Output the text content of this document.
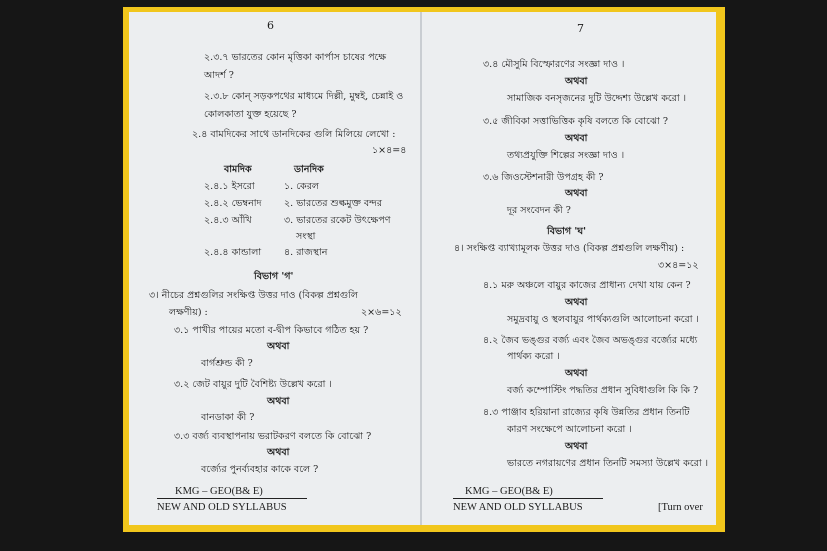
6
২.৩.৭ ভারতের কোন মৃত্তিকা কার্পাস চাষের পক্ষে
আদর্শ ?
২.৩.৮ কোন্ সড়কপথের মাধ্যমে দিল্লী, মুম্বই, চেন্নাই ও
কোলকাতা যুক্ত হয়েছে ?
২.৪ বামদিকের সাথে ডানদিকের গুলি মিলিয়ে লেখো :
১×৪=৪
বামদিক	ডানদিক
২.৪.১ ইসরো	১. কেরল
২.৪.২ ভেম্বনাদ ২. ভারতের শুল্কমুক্ত বন্দর
২.৪.৩ আঁখি	৩. ভারতের রকেট উৎক্ষেপণ
সংস্থা
২.৪.৪ কান্ডালা ৪. রাজস্থান
বিভাগ 'গ'
৩। নীচের প্রশ্নগুলির সংক্ষিপ্ত উত্তর দাও (বিকল্প প্রশ্নগুলি
লক্ষণীয়) :	২×৬=১২
৩.১ পাখীর পায়ের মতো ব-দ্বীপ কিভাবে গঠিত হয় ?
অথবা
বার্গশ্রুন্ড কী ?
৩.২ জেট বায়ুর দুটি বৈশিষ্ট্য উল্লেখ করো ।
অথবা
বানডাকা কী ?
৩.৩ বর্জ্য ব্যবস্থাপনায় ভরাটকরণ বলতে কি বোঝো ?
অথবা
বর্জ্যের পুনর্ব্যবহার কাকে বলে ?
KMG – GEO(B& E)
NEW AND OLD SYLLABUS
7
৩.৪ মৌসুমি বিস্ফোরণের সংজ্ঞা দাও ।
অথবা
সামাজিক বনসৃজনের দুটি উদ্দেশ্য উল্লেখ করো ।
৩.৫ জীবিকা সত্তাভিত্তিক কৃষি বলতে কি বোঝো ?
অথবা
তথ্যপ্রযুক্তি শিল্পের সংজ্ঞা দাও ।
৩.৬ জিওস্টেশনারী উপগ্রহ কী ?
অথবা
দূর সংবেদন কী ?
বিভাগ 'ঘ'
৪। সংক্ষিপ্ত ব্যাখ্যামূলক উত্তর দাও (বিকল্প প্রশ্নগুলি লক্ষণীয়) :
৩×৪=১২
৪.১ মরু অঞ্চলে বায়ুর কাজের প্রাধান্য দেখা যায় কেন ?
অথবা
সমুদ্রবায়ু ও স্থলবায়ুর পার্থক্যগুলি আলোচনা করো ।
৪.২ জৈব ভঙ্গুর বর্জ্য এবং জৈব অভঙ্গুর বর্জ্যের মধ্যে
পার্থক্য করো ।
অথবা
বর্জ্য কম্পোস্টিং পদ্ধতির প্রধান সুবিধাগুলি কি কি ?
৪.৩ পাঞ্জাব হরিয়ানা রাজ্যের কৃষি উন্নতির প্রধান তিনটি
কারণ সংক্ষেপে আলোচনা করো ।
অথবা
ভারতে নগরায়ণের প্রধান তিনটি সমস্যা উল্লেখ করো ।
KMG – GEO(B& E)
NEW AND OLD SYLLABUS	[Turn over
